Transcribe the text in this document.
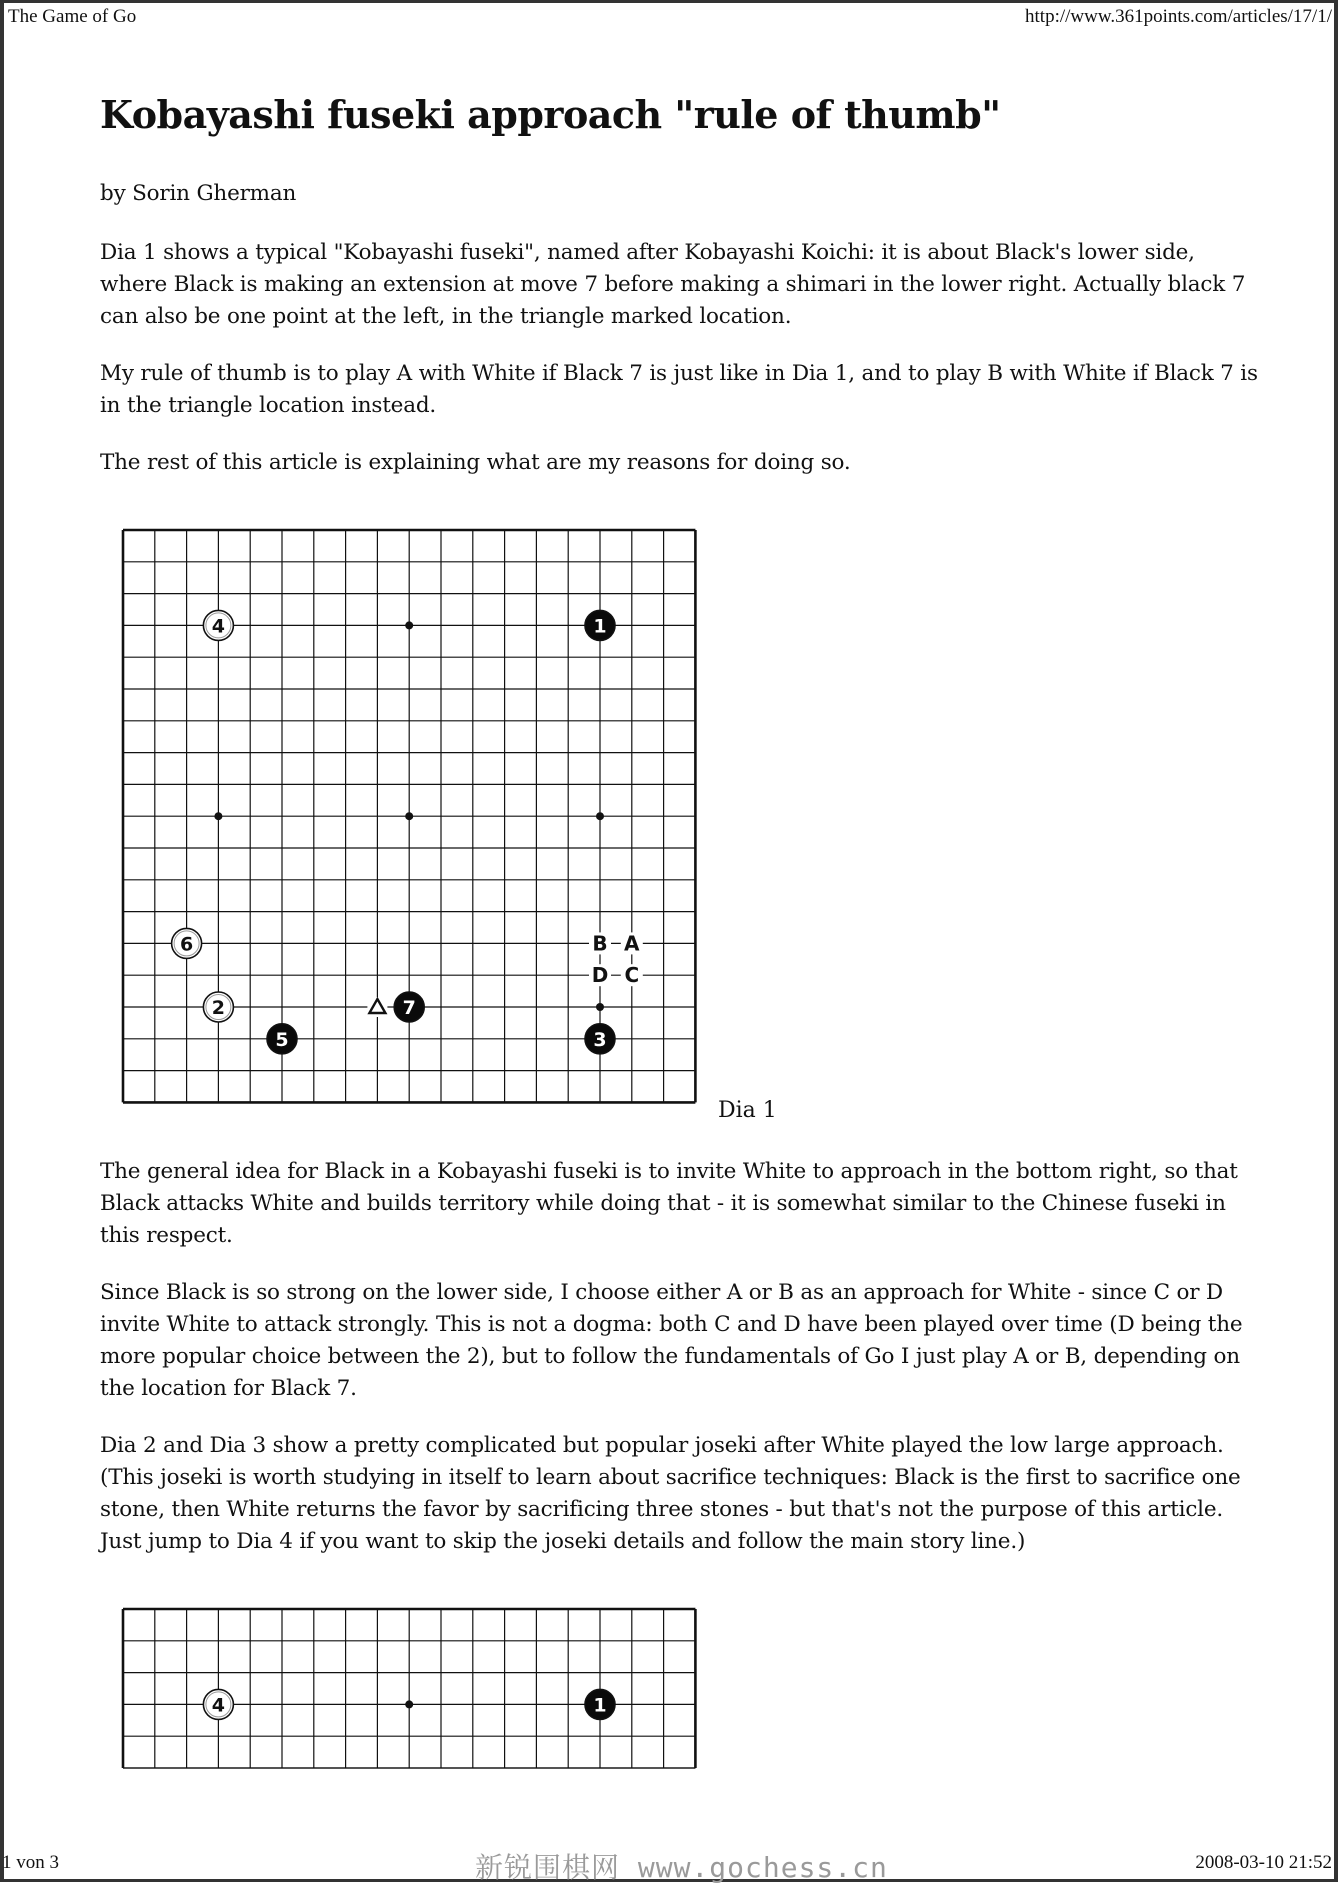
The Game of Go	http://www.361points.com/articles/17/1/
Kobayashi fuseki approach "rule of thumb"

by Sorin Gherman

Dia 1 shows a typical "Kobayashi fuseki", named after Kobayashi Koichi: it is about Black's lower side, where Black is making an extension at move 7 before making a shimari in the lower right. Actually black 7 can also be one point at the left, in the triangle marked location.

My rule of thumb is to play A with White if Black 7 is just like in Dia 1, and to play B with White if Black 7 is in the triangle location instead.

The rest of this article is explaining what are my reasons for doing so.

A
B
C
D
1
2
3
4
5
6
7
Dia 1

The general idea for Black in a Kobayashi fuseki is to invite White to approach in the bottom right, so that Black attacks White and builds territory while doing that - it is somewhat similar to the Chinese fuseki in this respect.

Since Black is so strong on the lower side, I choose either A or B as an approach for White - since C or D invite White to attack strongly. This is not a dogma: both C and D have been played over time (D being the more popular choice between the 2), but to follow the fundamentals of Go I just play A or B, depending on the location for Black 7.

Dia 2 and Dia 3 show a pretty complicated but popular joseki after White played the low large approach. (This joseki is worth studying in itself to learn about sacrifice techniques: Black is the first to sacrifice one stone, then White returns the favor by sacrificing three stones - but that's not the purpose of this article. Just jump to Dia 4 if you want to skip the joseki details and follow the main story line.)

1
4
1 von 3	新锐围棋网 www.gochess.cn	2008-03-10 21:52
